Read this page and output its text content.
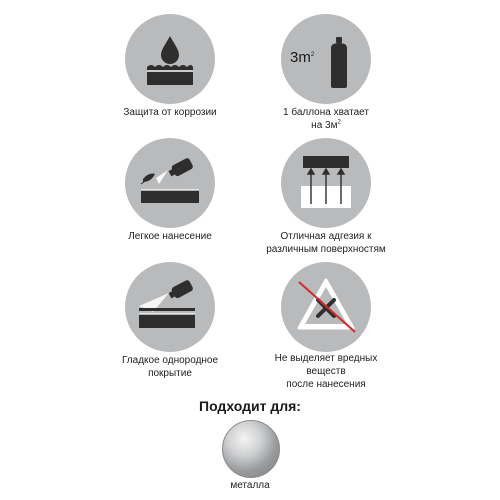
Защита от коррозии
$3m^2$
1 баллона хватает
на $3м^2$
Легкое нанесение	Отличная адгезия к
различным поверхностям
Гладкое однородное
покрытие
Не выделяет вредных
веществ
после нанесения
Подходит для:
металла
